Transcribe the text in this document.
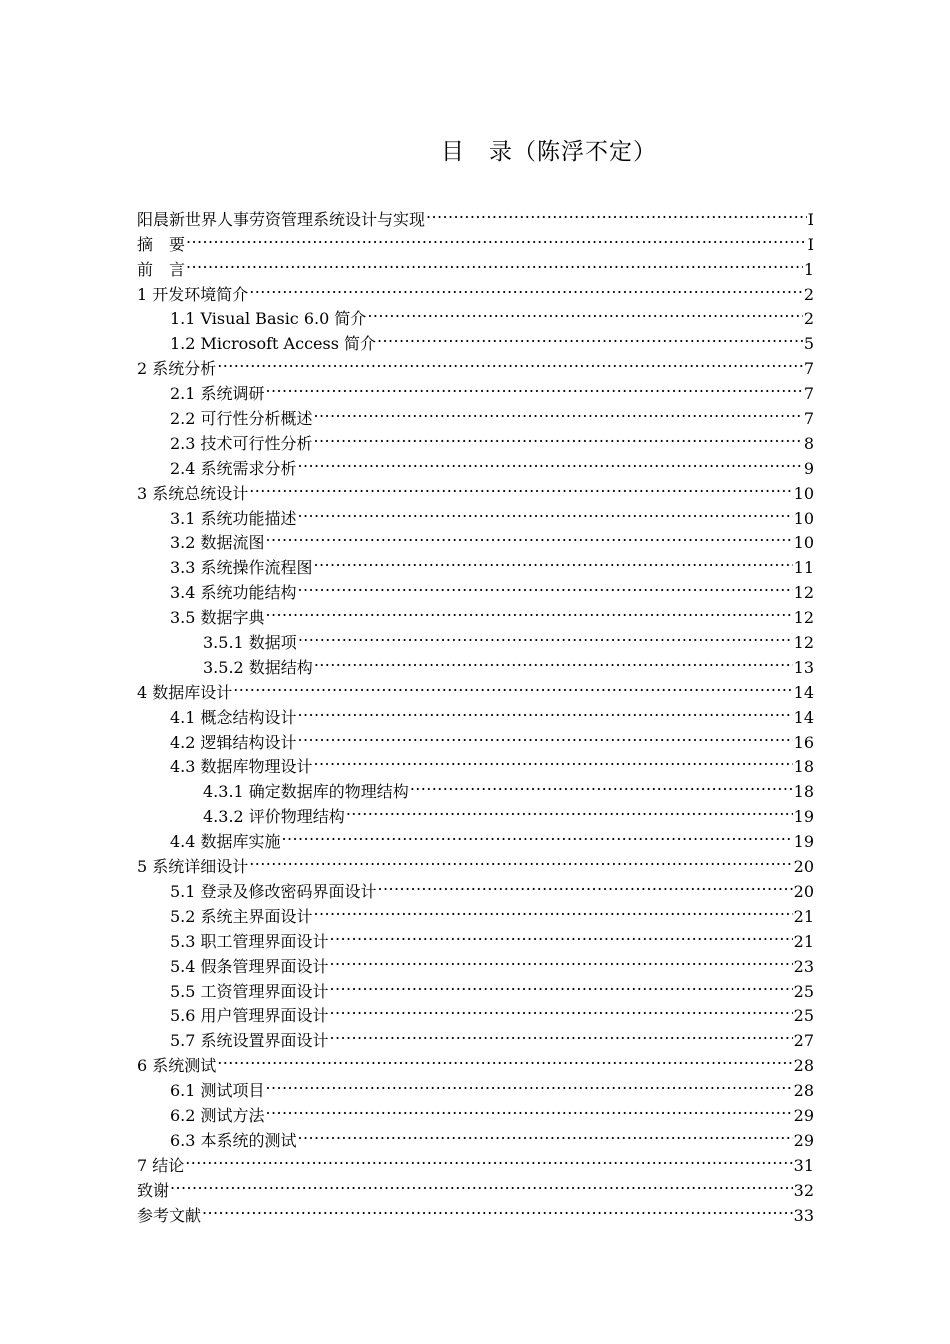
目　录（陈浮不定）
阳晨新世界人事劳资管理系统设计与实现 .....	I
摘　要 .....	I
前　言 .....	1
1 开发环境简介 .....	2
1.1 Visual Basic 6.0 简介 .....	2
1.2 Microsoft Access 简介 .....	5
2 系统分析 .....	7
2.1 系统调研 .....	7
2.2 可行性分析概述 .....	7
2.3 技术可行性分析 .....	8
2.4 系统需求分析 .....	9
3 系统总统设计 .....	10
3.1 系统功能描述 .....	10
3.2 数据流图 .....	10
3.3 系统操作流程图 .....	11
3.4 系统功能结构 .....	12
3.5 数据字典 .....	12
3.5.1 数据项 .....	12
3.5.2 数据结构 .....	13
4 数据库设计 .....	14
4.1 概念结构设计 .....	14
4.2 逻辑结构设计 .....	16
4.3 数据库物理设计 .....	18
4.3.1 确定数据库的物理结构 .....	18
4.3.2 评价物理结构 .....	19
4.4 数据库实施 .....	19
5 系统详细设计 .....	20
5.1 登录及修改密码界面设计 .....	20
5.2 系统主界面设计 .....	21
5.3 职工管理界面设计 .....	21
5.4 假条管理界面设计 .....	23
5.5 工资管理界面设计 .....	25
5.6 用户管理界面设计 .....	25
5.7 系统设置界面设计 .....	27
6 系统测试 .....	28
6.1 测试项目 .....	28
6.2 测试方法 .....	29
6.3 本系统的测试 .....	29
7 结论 .....	31
致谢 .....	32
参考文献 .....	33
